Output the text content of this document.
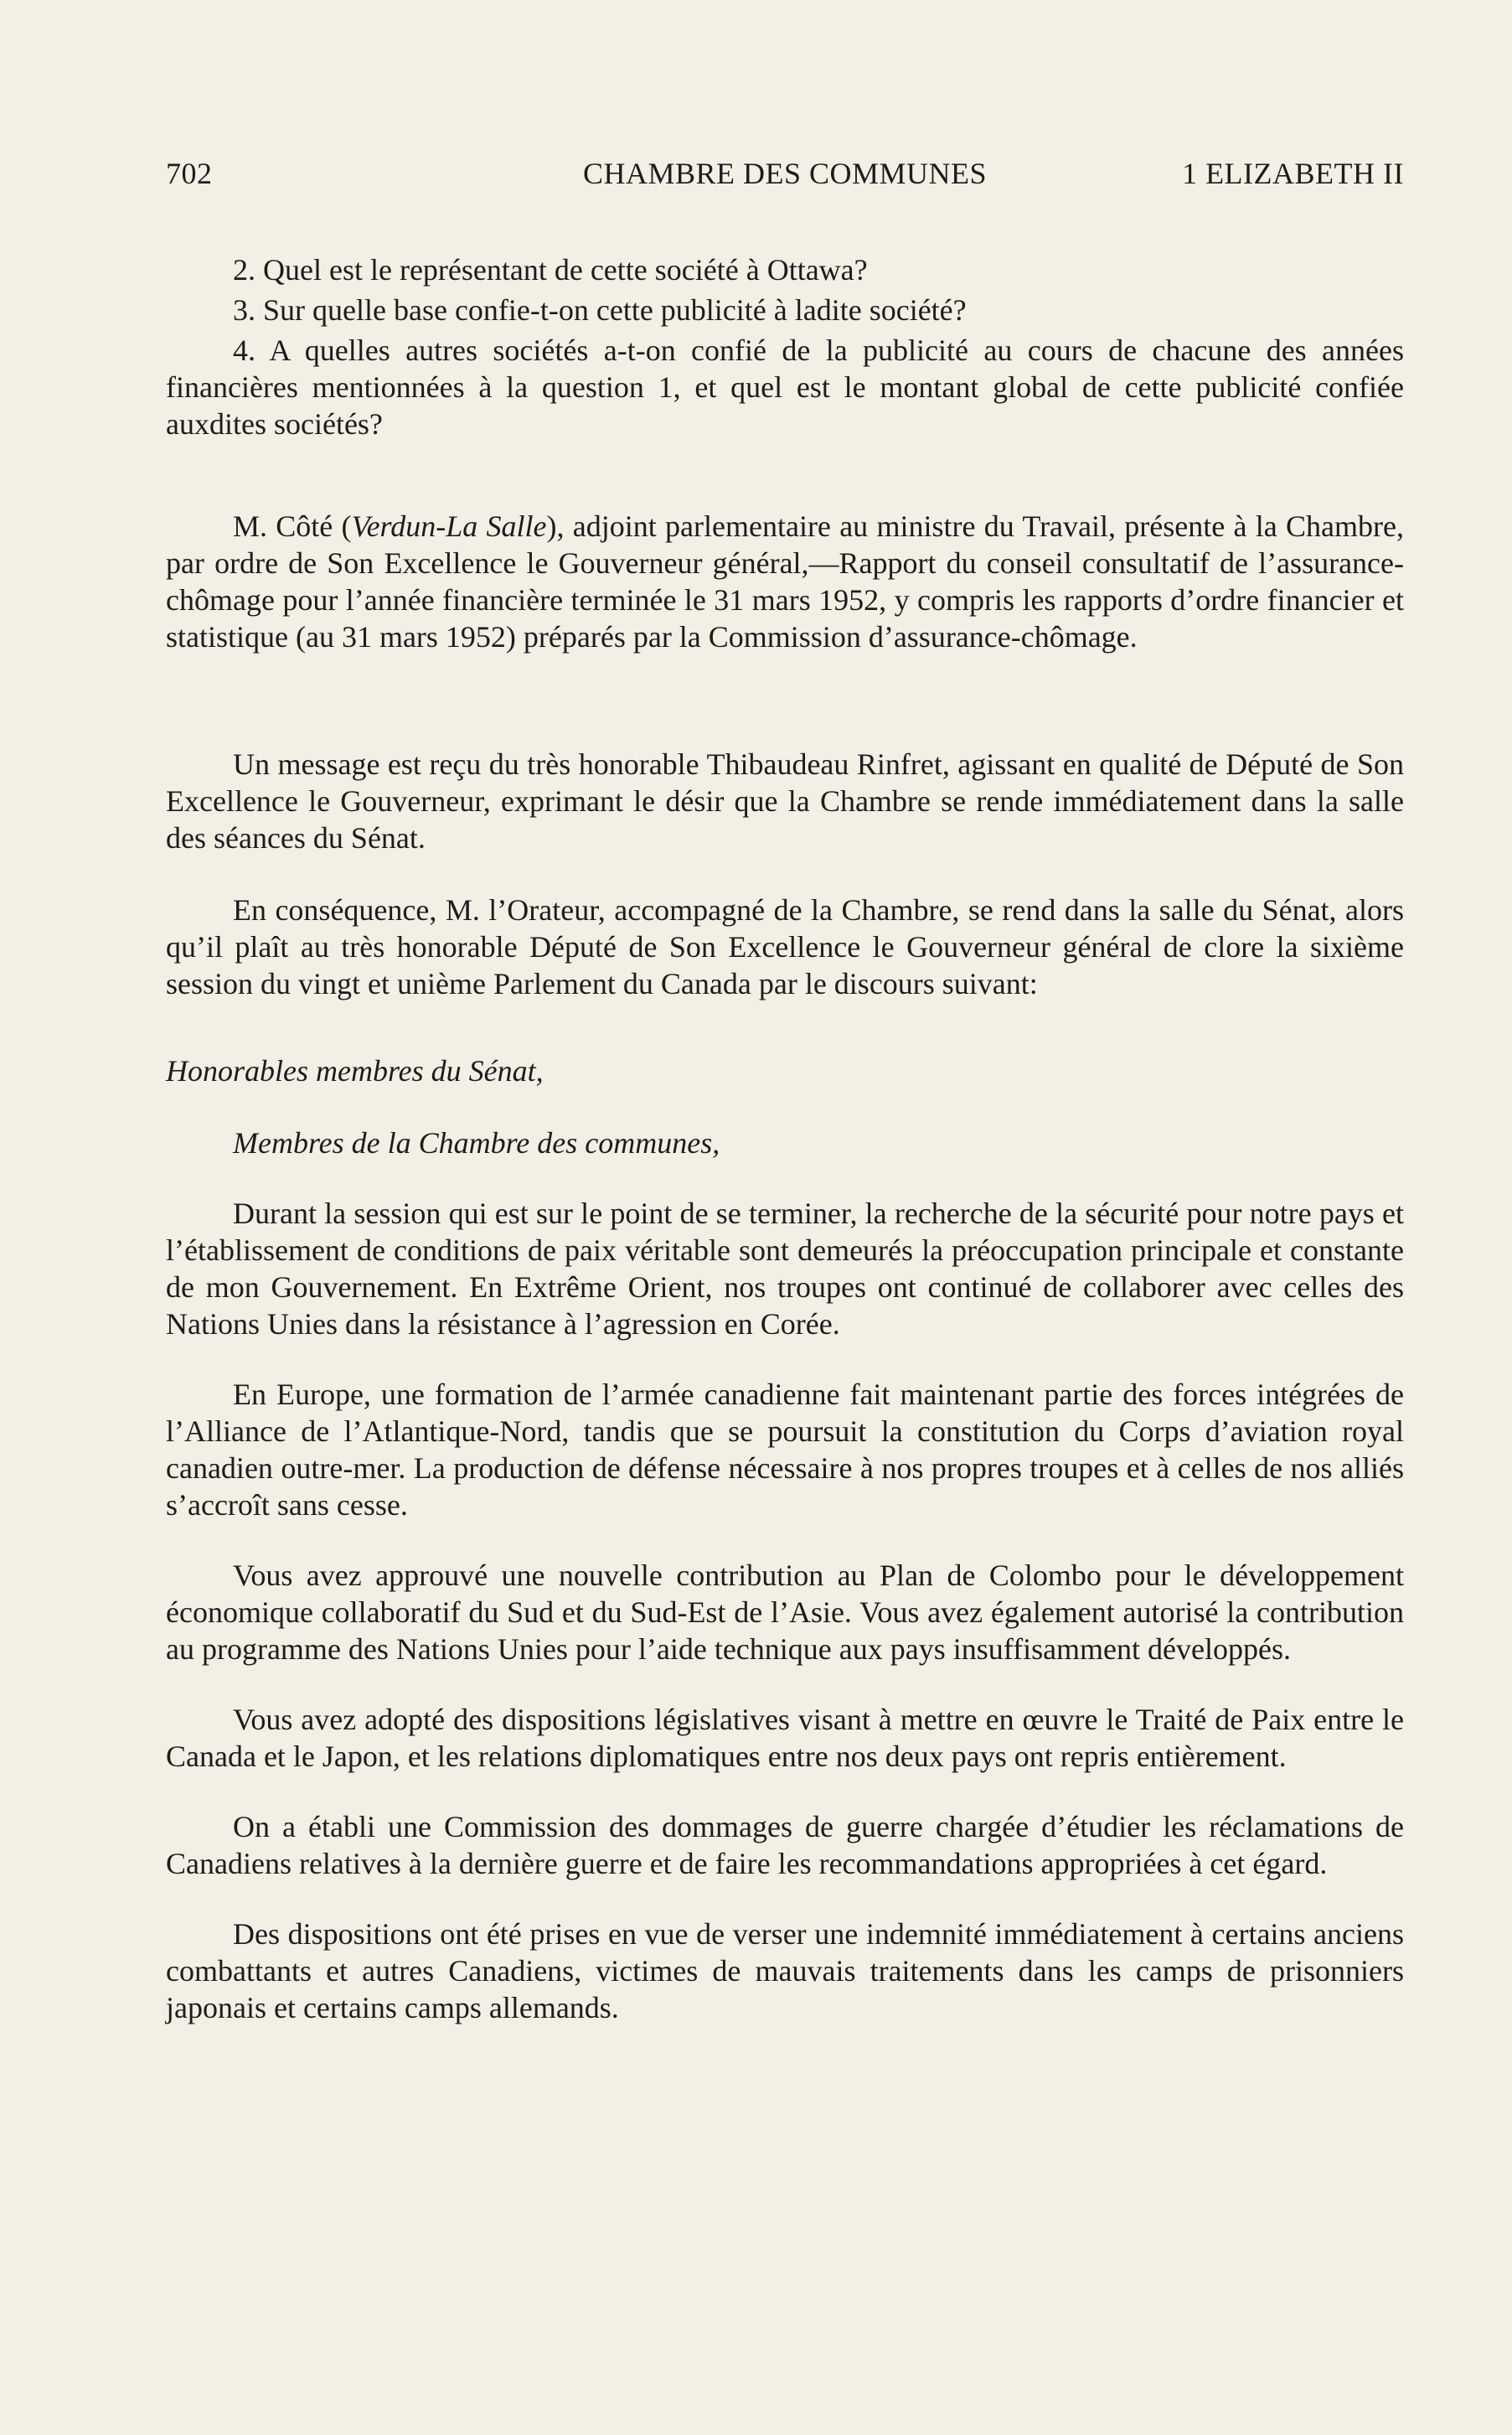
702	CHAMBRE DES COMMUNES	1 ELIZABETH II

2. Quel est le représentant de cette société à Ottawa?

3. Sur quelle base confie-t-on cette publicité à ladite société?

4. A quelles autres sociétés a-t-on confié de la publicité au cours de chacune des années financières mentionnées à la question 1, et quel est le montant global de cette publicité confiée auxdites sociétés?

M. Côté (Verdun-La Salle), adjoint parlementaire au ministre du Travail, présente à la Chambre, par ordre de Son Excellence le Gouverneur général,—Rapport du conseil consultatif de l’assurance-chômage pour l’année financière terminée le 31 mars 1952, y compris les rapports d’ordre financier et statistique (au 31 mars 1952) préparés par la Commission d’assurance-chômage.

Un message est reçu du très honorable Thibaudeau Rinfret, agissant en qualité de Député de Son Excellence le Gouverneur, exprimant le désir que la Chambre se rende immédiatement dans la salle des séances du Sénat.

En conséquence, M. l’Orateur, accompagné de la Chambre, se rend dans la salle du Sénat, alors qu’il plaît au très honorable Député de Son Excellence le Gouverneur général de clore la sixième session du vingt et unième Parlement du Canada par le discours suivant:

Honorables membres du Sénat,

Membres de la Chambre des communes,

Durant la session qui est sur le point de se terminer, la recherche de la sécurité pour notre pays et l’établissement de conditions de paix véritable sont demeurés la préoccupation principale et constante de mon Gouvernement. En Extrême Orient, nos troupes ont continué de collaborer avec celles des Nations Unies dans la résistance à l’agression en Corée.

En Europe, une formation de l’armée canadienne fait maintenant partie des forces intégrées de l’Alliance de l’Atlantique-Nord, tandis que se poursuit la constitution du Corps d’aviation royal canadien outre-mer. La production de défense nécessaire à nos propres troupes et à celles de nos alliés s’accroît sans cesse.

Vous avez approuvé une nouvelle contribution au Plan de Colombo pour le développement économique collaboratif du Sud et du Sud-Est de l’Asie. Vous avez également autorisé la contribution au programme des Nations Unies pour l’aide technique aux pays insuffisamment développés.

Vous avez adopté des dispositions législatives visant à mettre en œuvre le Traité de Paix entre le Canada et le Japon, et les relations diplomatiques entre nos deux pays ont repris entièrement.

On a établi une Commission des dommages de guerre chargée d’étudier les réclamations de Canadiens relatives à la dernière guerre et de faire les recommandations appropriées à cet égard.

Des dispositions ont été prises en vue de verser une indemnité immédiatement à certains anciens combattants et autres Canadiens, victimes de mauvais traitements dans les camps de prisonniers japonais et certains camps allemands.
